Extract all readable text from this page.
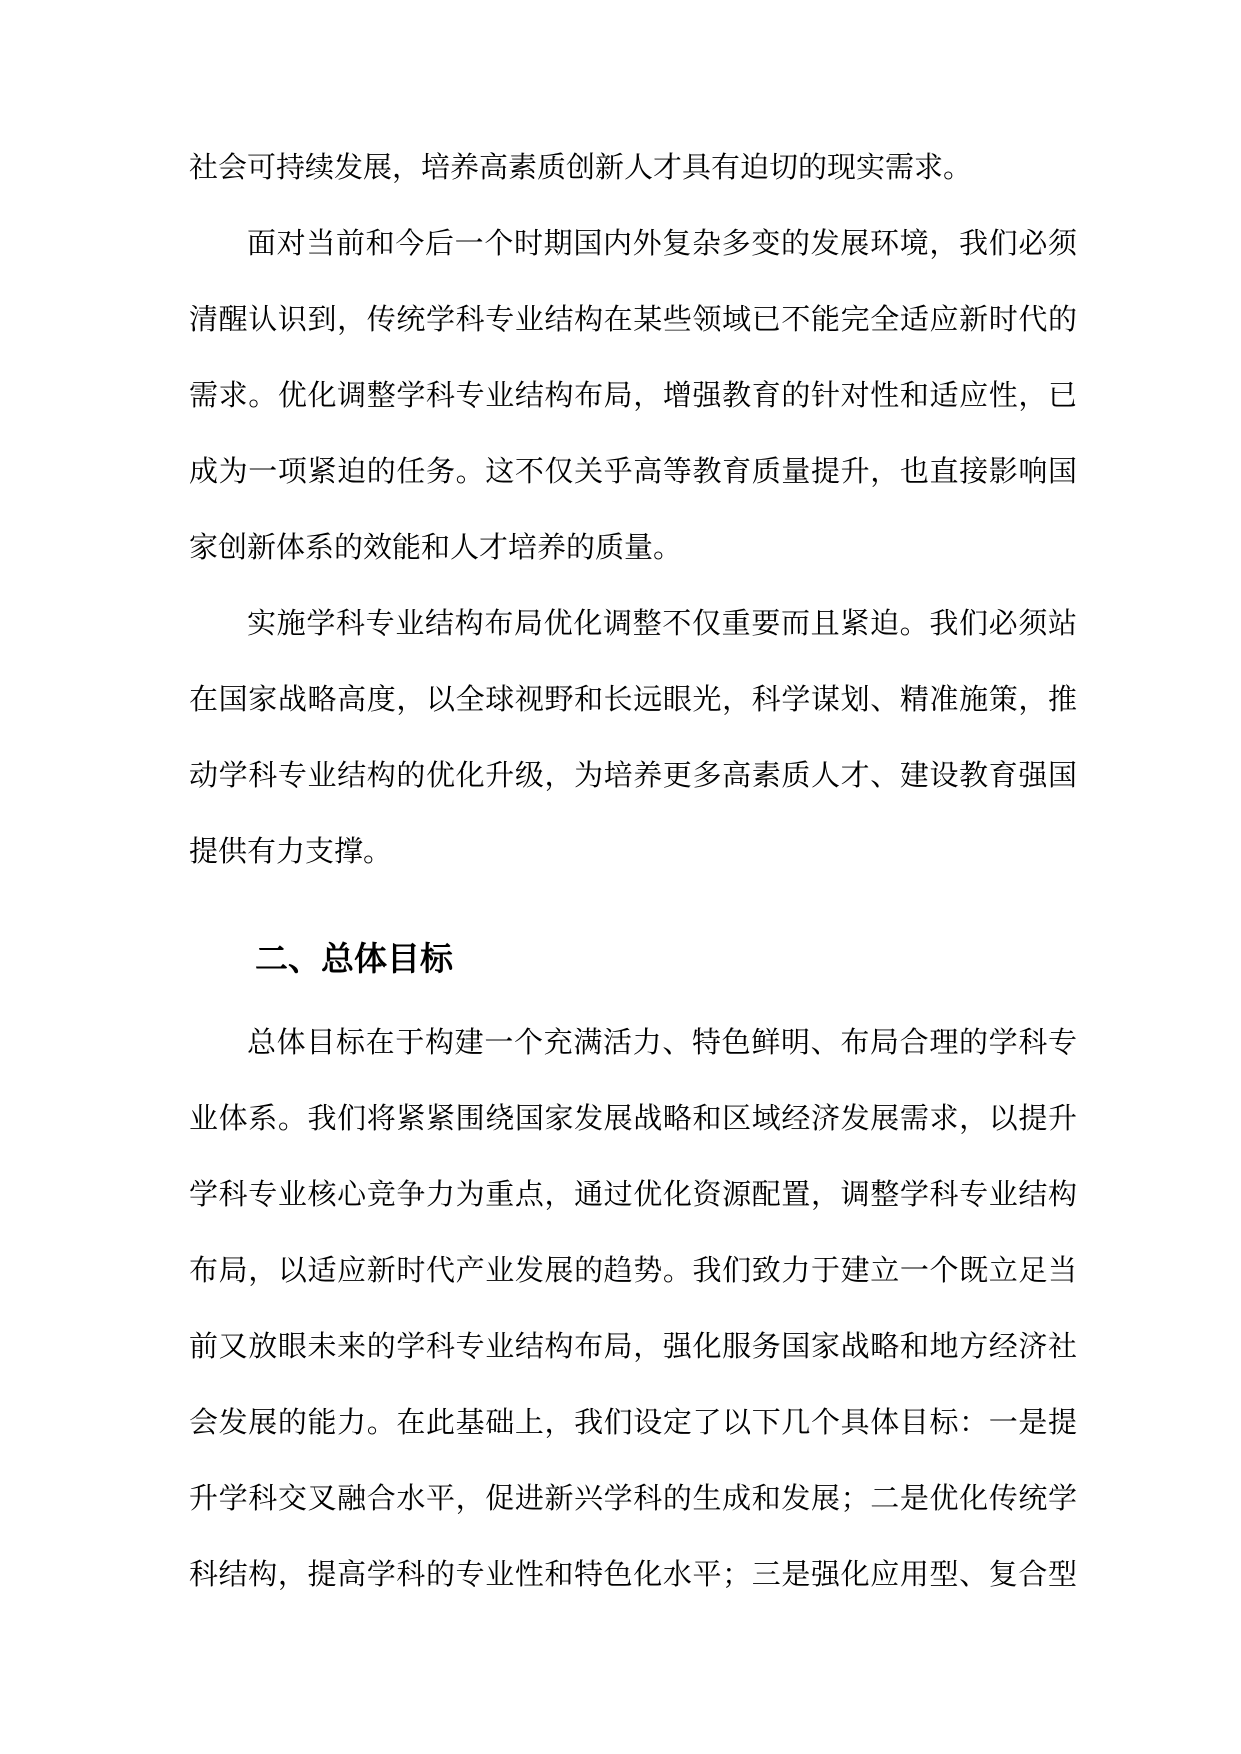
社会可持续发展，培养高素质创新人才具有迫切的现实需求。
面对当前和今后一个时期国内外复杂多变的发展环境，我们必须
清醒认识到，传统学科专业结构在某些领域已不能完全适应新时代的
需求。优化调整学科专业结构布局，增强教育的针对性和适应性，已
成为一项紧迫的任务。这不仅关乎高等教育质量提升，也直接影响国
家创新体系的效能和人才培养的质量。
实施学科专业结构布局优化调整不仅重要而且紧迫。我们必须站
在国家战略高度，以全球视野和长远眼光，科学谋划、精准施策，推
动学科专业结构的优化升级，为培养更多高素质人才、建设教育强国
提供有力支撑。
二、总体目标
总体目标在于构建一个充满活力、特色鲜明、布局合理的学科专
业体系。我们将紧紧围绕国家发展战略和区域经济发展需求，以提升
学科专业核心竞争力为重点，通过优化资源配置，调整学科专业结构
布局，以适应新时代产业发展的趋势。我们致力于建立一个既立足当
前又放眼未来的学科专业结构布局，强化服务国家战略和地方经济社
会发展的能力。在此基础上，我们设定了以下几个具体目标：一是提
升学科交叉融合水平，促进新兴学科的生成和发展；二是优化传统学
科结构，提高学科的专业性和特色化水平；三是强化应用型、复合型
